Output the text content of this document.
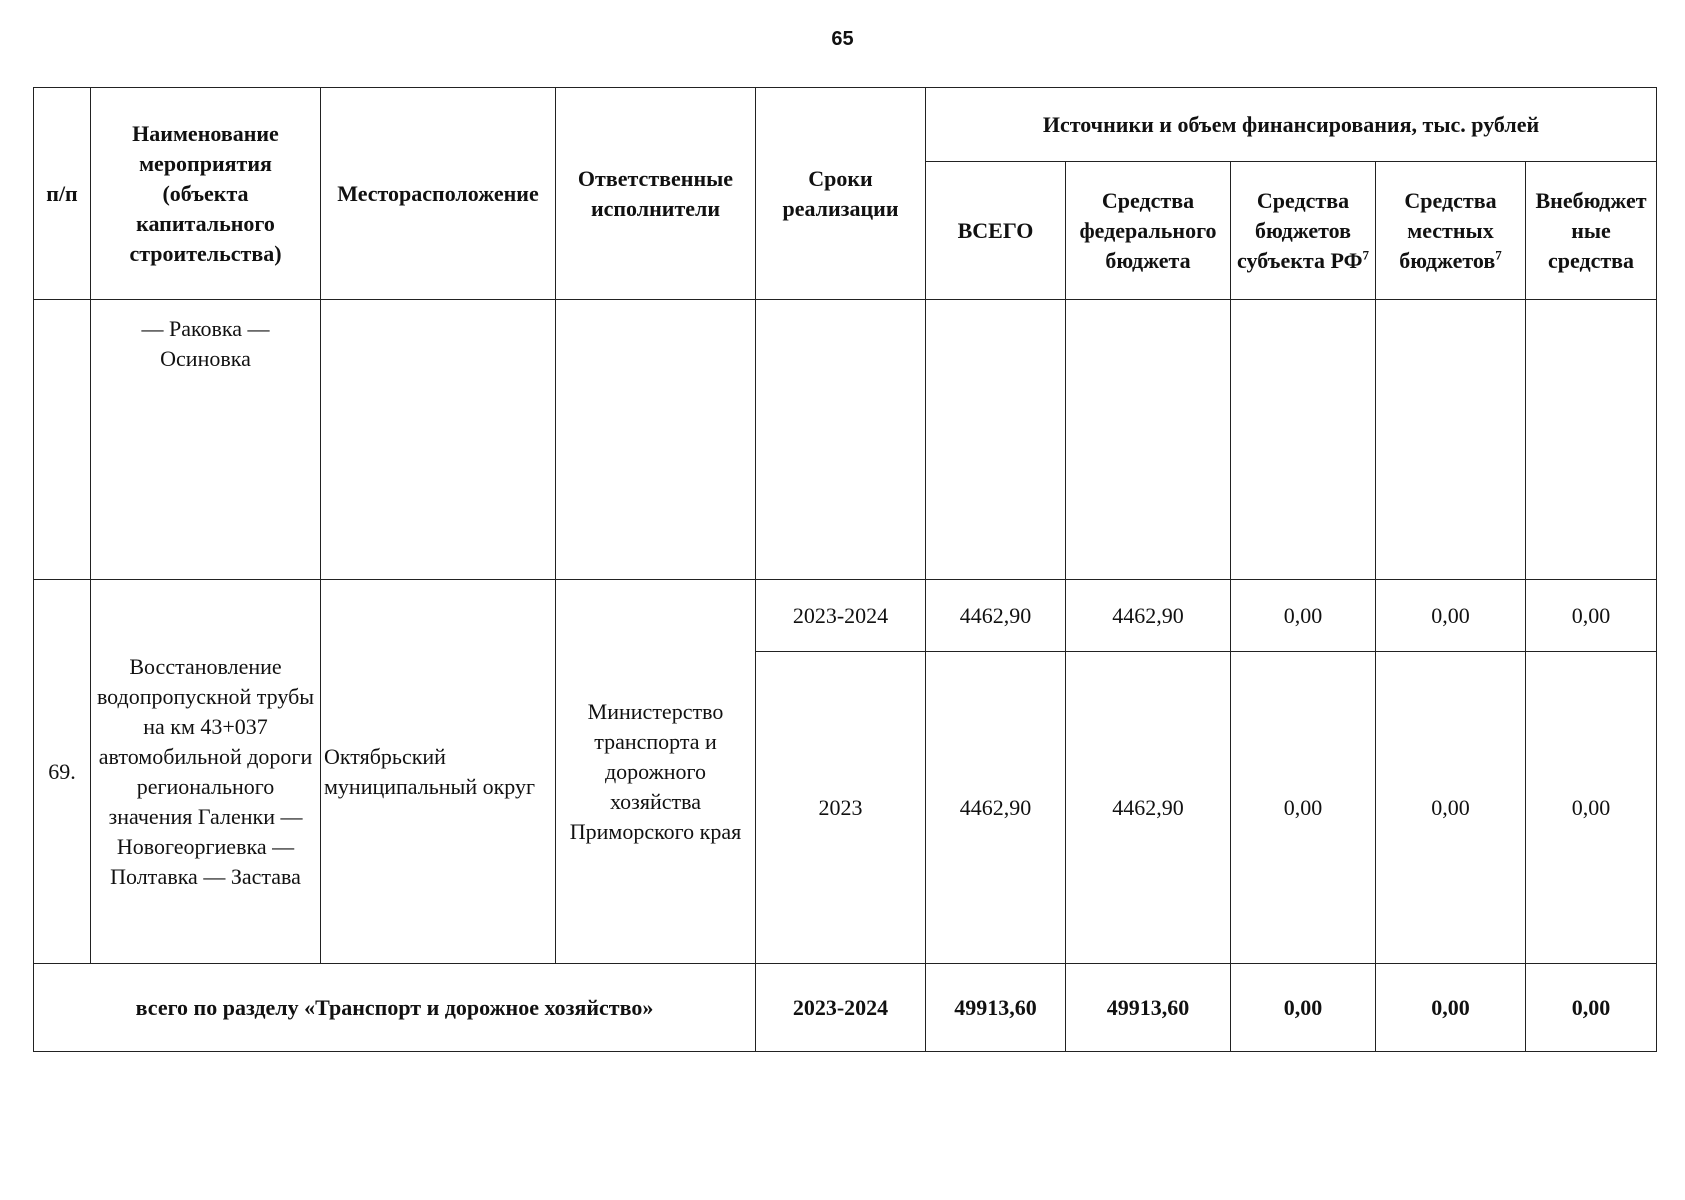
65
п/п	Наименование мероприятия (объекта капитального строительства)	Месторасположение	Ответственные исполнители	Сроки реализации	Источники и объем финансирования, тыс. рублей				
					ВСЕГО	Средства федерального бюджета	Средства бюджетов субъекта $РФ^7$	Средства местных бюджетов$^7$	Внебюджет ные средства
	— Раковка — Осиновка								
69.	Восстановление водопропускной трубы на км 43+037 автомобильной дороги регионального значения Галенки — Новогеоргиевка — Полтавка — Застава	Октябрьский муниципальный округ	Министерство транспорта и дорожного хозяйства Приморского края	2023-2024	4462,90	4462,90	0,00	0,00	0,00
				2023	4462,90	4462,90	0,00	0,00	0,00
всего по разделу «Транспорт и дорожное хозяйство»				2023-2024	49913,60	49913,60	0,00	0,00	0,00
